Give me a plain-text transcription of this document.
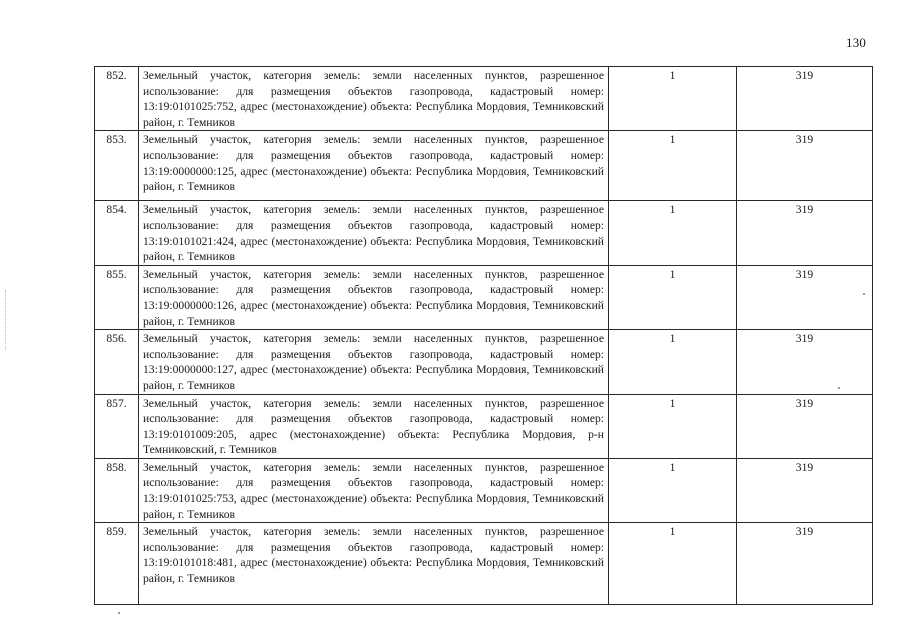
130
852.	Земельный участок, категория земель: земли населенных пунктов, разрешенное использование: для размещения объектов газопровода, кадастровый номер: 13:19:0101025:752, адрес (местонахождение) объекта: Республика Мордовия, Темниковский район, г. Темников	1	319
853.	Земельный участок, категория земель: земли населенных пунктов, разрешенное использование: для размещения объектов газопровода, кадастровый номер: 13:19:0000000:125, адрес (местонахождение) объекта: Республика Мордовия, Темниковский район, г. Темников	1	319
854.	Земельный участок, категория земель: земли населенных пунктов, разрешенное использование: для размещения объектов газопровода, кадастровый номер: 13:19:0101021:424, адрес (местонахождение) объекта: Республика Мордовия, Темниковский район, г. Темников	1	319
855.	Земельный участок, категория земель: земли населенных пунктов, разрешенное использование: для размещения объектов газопровода, кадастровый номер: 13:19:0000000:126, адрес (местонахождение) объекта: Республика Мордовия, Темниковский район, г. Темников	1	319
856.	Земельный участок, категория земель: земли населенных пунктов, разрешенное использование: для размещения объектов газопровода, кадастровый номер: 13:19:0000000:127, адрес (местонахождение) объекта: Республика Мордовия, Темниковский район, г. Темников	1	319
857.	Земельный участок, категория земель: земли населенных пунктов, разрешенное использование: для размещения объектов газопровода, кадастровый номер: 13:19:0101009:205, адрес (местонахождение) объекта: Республика Мордовия, р-н Темниковский, г. Темников	1	319
858.	Земельный участок, категория земель: земли населенных пунктов, разрешенное использование: для размещения объектов газопровода, кадастровый номер: 13:19:0101025:753, адрес (местонахождение) объекта: Республика Мордовия, Темниковский район, г. Темников	1	319
859.	Земельный участок, категория земель: земли населенных пунктов, разрешенное использование: для размещения объектов газопровода, кадастровый номер: 13:19:0101018:481, адрес (местонахождение) объекта: Республика Мордовия, Темниковский район, г. Темников	1	319
